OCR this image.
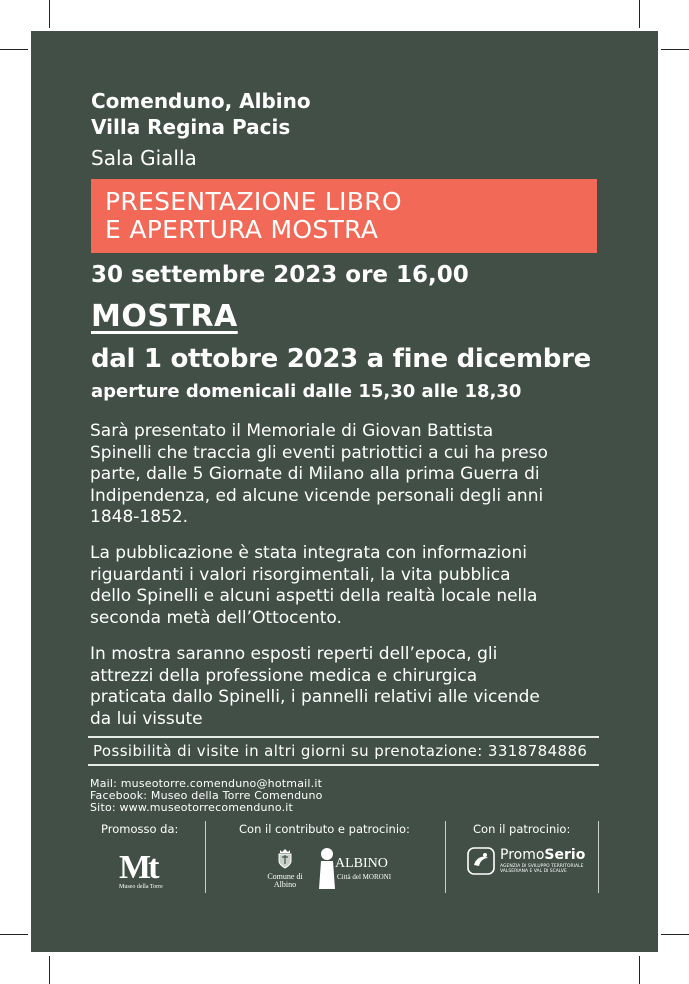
Comenduno, Albino
Villa Regina Pacis
Sala Gialla
PRESENTAZIONE LIBRO
E APERTURA MOSTRA
30 settembre 2023 ore 16,00
MOSTRA
dal 1 ottobre 2023 a fine dicembre
aperture domenicali dalle 15,30 alle 18,30
Sarà presentato il Memoriale di Giovan Battista
Spinelli che traccia gli eventi patriottici a cui ha preso
parte, dalle 5 Giornate di Milano alla prima Guerra di
Indipendenza, ed alcune vicende personali degli anni
1848-1852.
La pubblicazione è stata integrata con informazioni
riguardanti i valori risorgimentali, la vita pubblica
dello Spinelli e alcuni aspetti della realtà locale nella
seconda metà dell’Ottocento.
In mostra saranno esposti reperti dell’epoca, gli
attrezzi della professione medica e chirurgica
praticata dallo Spinelli, i pannelli relativi alle vicende
da lui vissute
Possibilità di visite in altri giorni su prenotazione: 3318784886
Mail: museotorre.comenduno@hotmail.it
Facebook: Museo della Torre Comenduno
Sito: www.museotorrecomenduno.it
Promosso da:	Con il contributo e patrocinio:	Con il patrocinio:
Mt
Museo della Torre
Comune di
Albino
ALBINO
Città del MORONI
PromoSerio
AGENZIA DI SVILUPPO TERRITORIALE
VALSERIANA E VAL DI SCALVE
